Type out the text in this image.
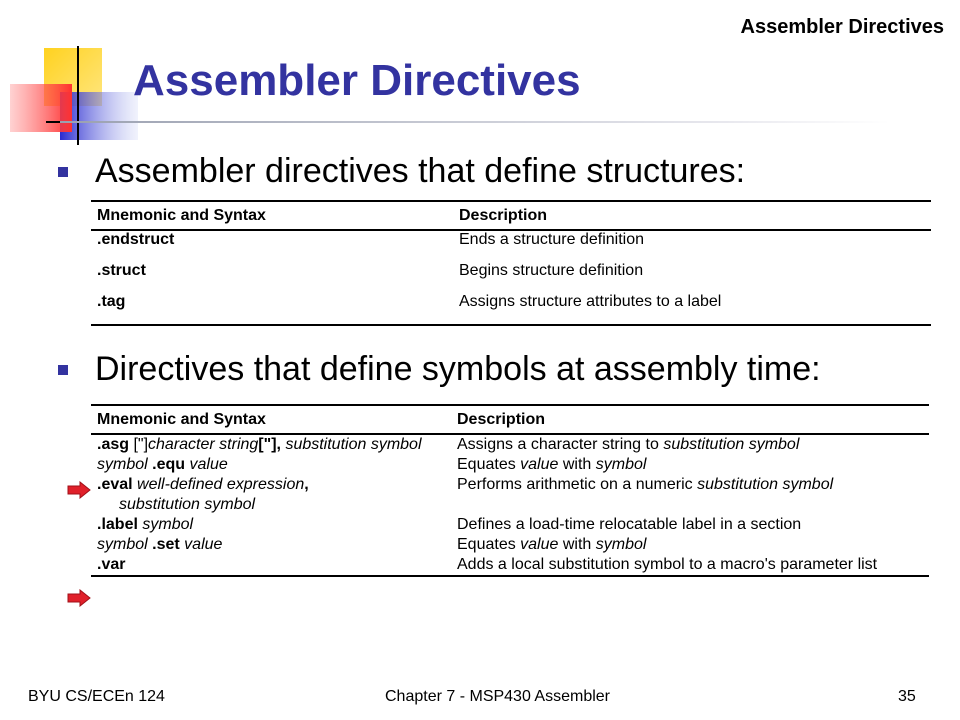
Assembler Directives
Assembler Directives
Assembler directives that define structures:
Mnemonic and Syntax	Description
.endstruct	Ends a structure definition
.struct	Begins structure definition
.tag	Assigns structure attributes to a label
Directives that define symbols at assembly time:
Mnemonic and Syntax	Description
.asg ["]character string["], substitution symbol	Assigns a character string to substitution symbol
symbol .equ value	Equates value with symbol
.eval well-defined expression,
substitution symbol	Performs arithmetic on a numeric substitution symbol
.label symbol	Defines a load-time relocatable label in a section
symbol .set value	Equates value with symbol
.var	Adds a local substitution symbol to a macro's parameter list
BYU CS/ECEn 124	Chapter 7 - MSP430 Assembler	35
